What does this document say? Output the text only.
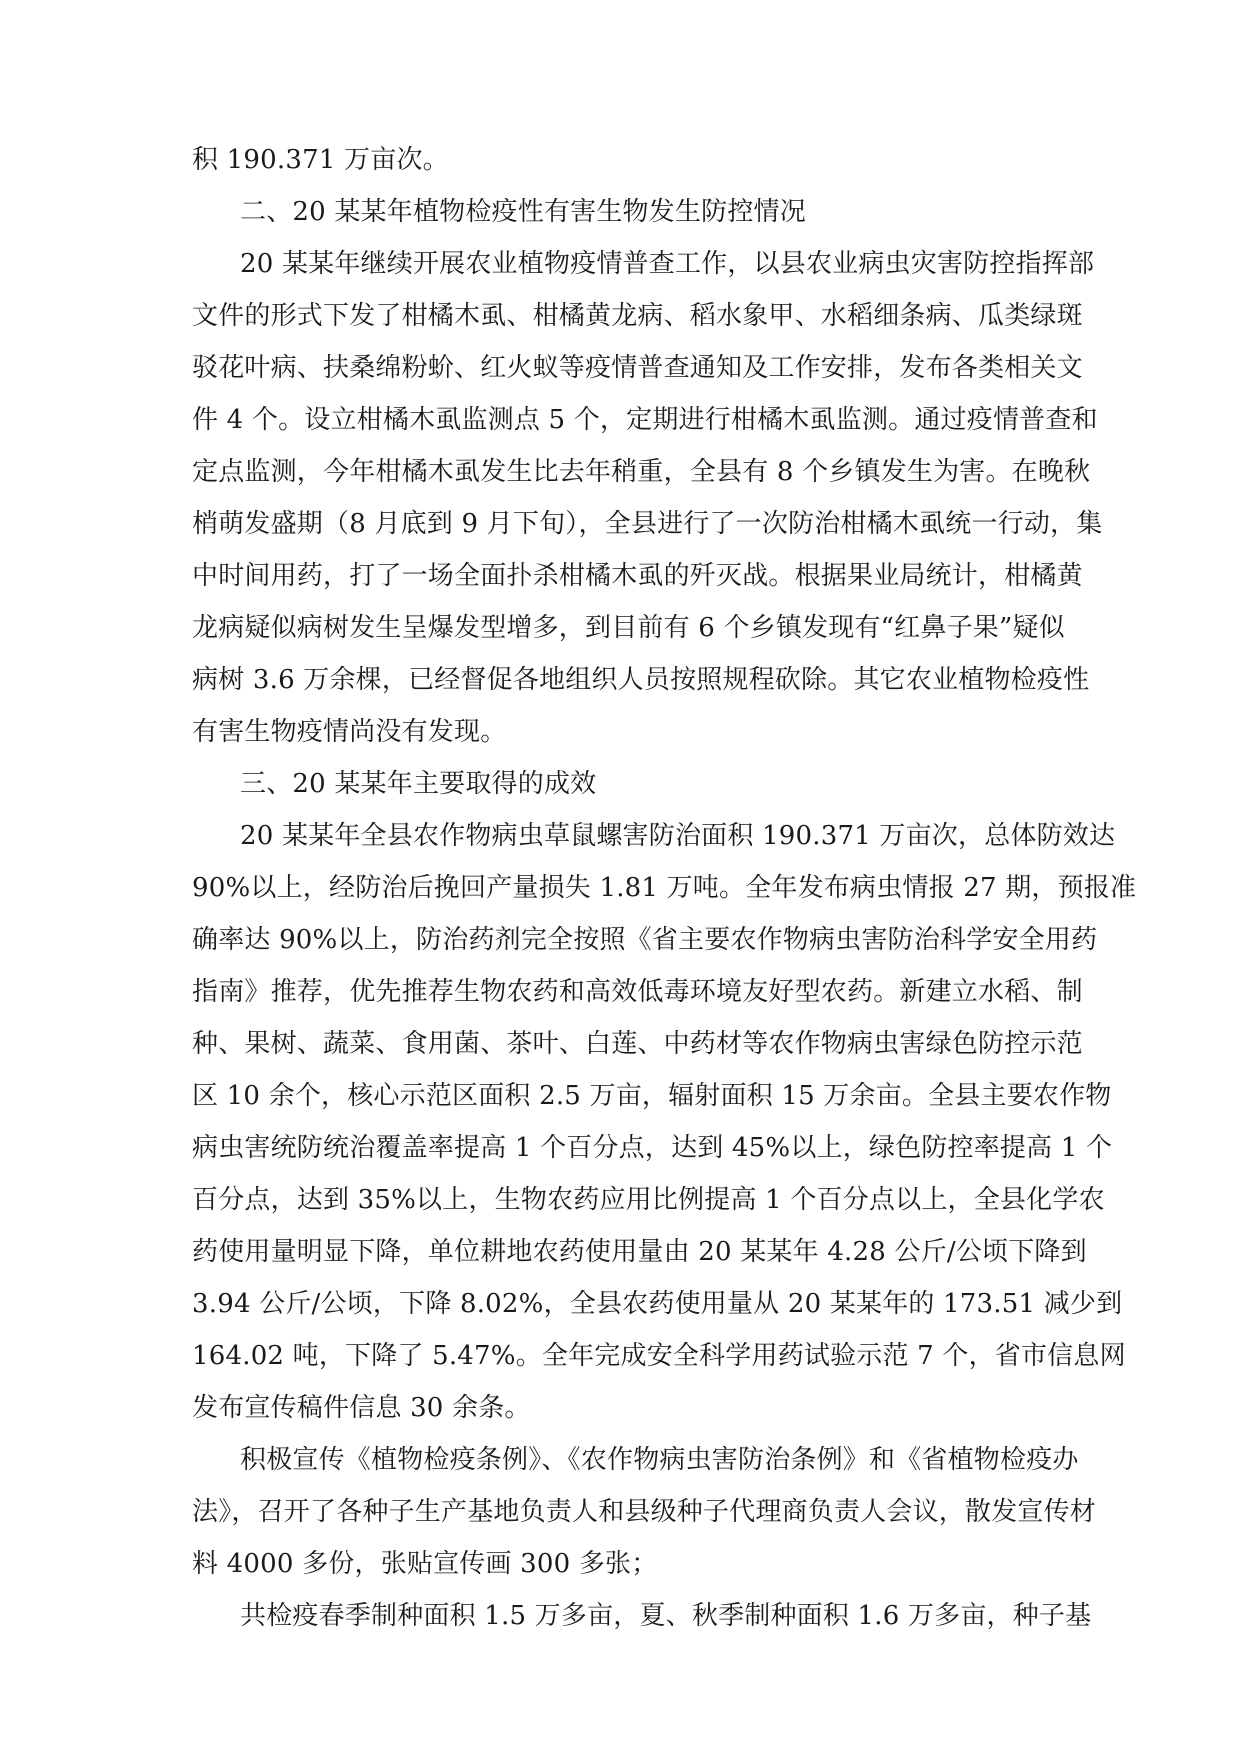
积 190.371 万亩次。

二、20 某某年植物检疫性有害生物发生防控情况

20 某某年继续开展农业植物疫情普查工作，以县农业病虫灾害防控指挥部

文件的形式下发了柑橘木虱、柑橘黄龙病、稻水象甲、水稻细条病、瓜类绿斑

驳花叶病、扶桑绵粉蚧、红火蚁等疫情普查通知及工作安排，发布各类相关文

件 4 个。设立柑橘木虱监测点 5 个，定期进行柑橘木虱监测。通过疫情普查和

定点监测，今年柑橘木虱发生比去年稍重，全县有 8 个乡镇发生为害。在晚秋

梢萌发盛期（8 月底到 9 月下旬），全县进行了一次防治柑橘木虱统一行动，集

中时间用药，打了一场全面扑杀柑橘木虱的歼灭战。根据果业局统计，柑橘黄

龙病疑似病树发生呈爆发型增多，到目前有 6 个乡镇发现有“红鼻子果”疑似

病树 3.6 万余棵，已经督促各地组织人员按照规程砍除。其它农业植物检疫性

有害生物疫情尚没有发现。

三、20 某某年主要取得的成效

20 某某年全县农作物病虫草鼠螺害防治面积 190.371 万亩次，总体防效达

90%以上，经防治后挽回产量损失 1.81 万吨。全年发布病虫情报 27 期，预报准

确率达 90%以上，防治药剂完全按照《省主要农作物病虫害防治科学安全用药

指南》推荐，优先推荐生物农药和高效低毒环境友好型农药。新建立水稻、制

种、果树、蔬菜、食用菌、茶叶、白莲、中药材等农作物病虫害绿色防控示范

区 10 余个，核心示范区面积 2.5 万亩，辐射面积 15 万余亩。全县主要农作物

病虫害统防统治覆盖率提高 1 个百分点，达到 45%以上，绿色防控率提高 1 个

百分点，达到 35%以上，生物农药应用比例提高 1 个百分点以上，全县化学农

药使用量明显下降，单位耕地农药使用量由 20 某某年 4.28 公斤/公顷下降到

3.94 公斤/公顷，下降 8.02%，全县农药使用量从 20 某某年的 173.51 减少到

164.02 吨，下降了 5.47%。全年完成安全科学用药试验示范 7 个，省市信息网

发布宣传稿件信息 30 余条。

积极宣传《植物检疫条例》、《农作物病虫害防治条例》和《省植物检疫办

法》，召开了各种子生产基地负责人和县级种子代理商负责人会议，散发宣传材

料 4000 多份，张贴宣传画 300 多张；

共检疫春季制种面积 1.5 万多亩，夏、秋季制种面积 1.6 万多亩，种子基
